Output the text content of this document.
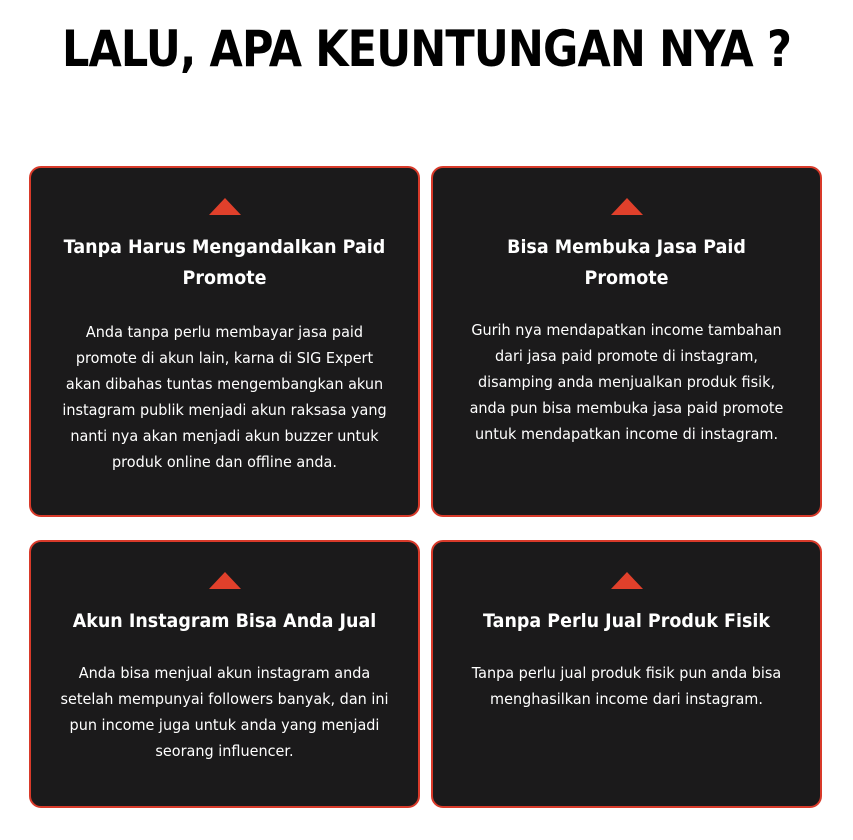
LALU, APA KEUNTUNGAN NYA ?
Tanpa Harus Mengandalkan Paid Promote
Anda tanpa perlu membayar jasa paid promote di akun lain, karna di SIG Expert akan dibahas tuntas mengembangkan akun instagram publik menjadi akun raksasa yang nanti nya akan menjadi akun buzzer untuk produk online dan offline anda.
Bisa Membuka Jasa Paid Promote
Gurih nya mendapatkan income tambahan dari jasa paid promote di instagram, disamping anda menjualkan produk fisik, anda pun bisa membuka jasa paid promote untuk mendapatkan income di instagram.
Akun Instagram Bisa Anda Jual
Anda bisa menjual akun instagram anda setelah mempunyai followers banyak, dan ini pun income juga untuk anda yang menjadi seorang influencer.
Tanpa Perlu Jual Produk Fisik
Tanpa perlu jual produk fisik pun anda bisa menghasilkan income dari instagram.
